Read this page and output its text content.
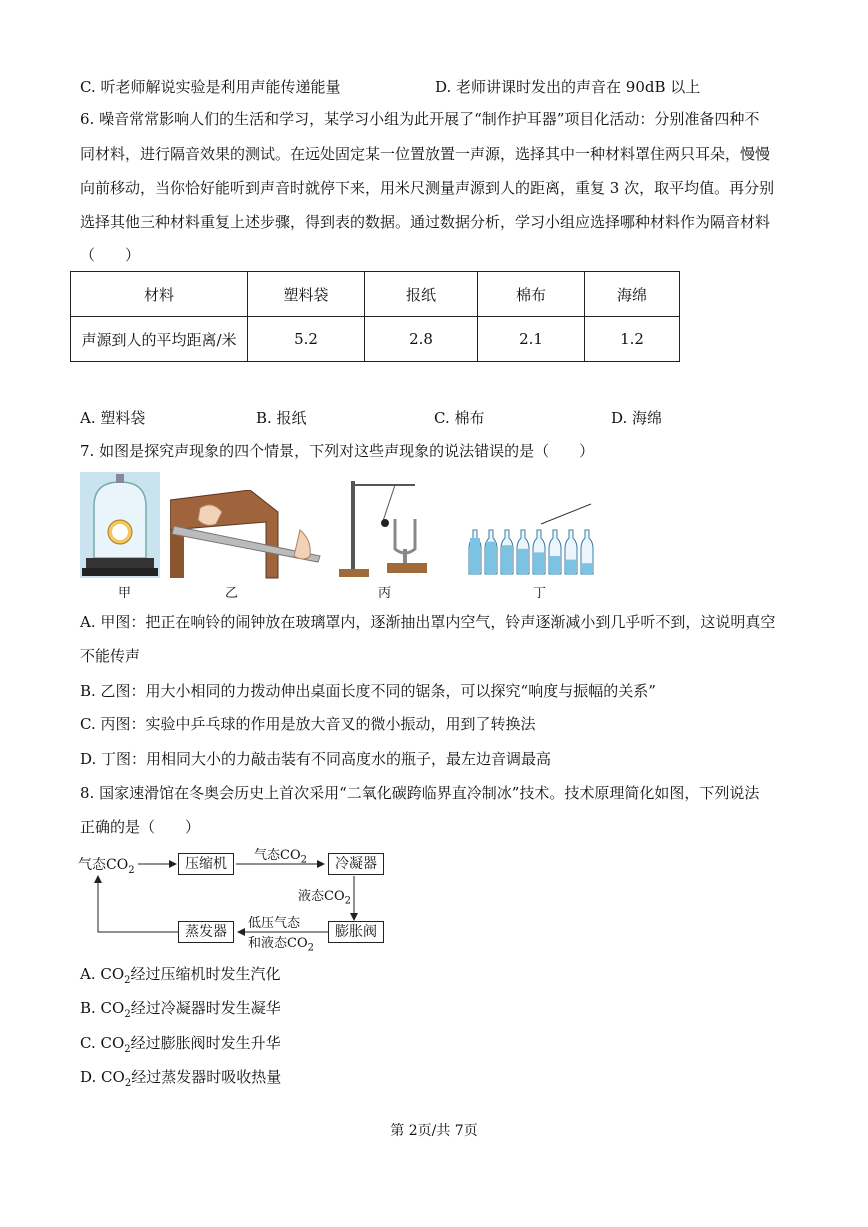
C. 听老师解说实验是利用声能传递能量	D. 老师讲课时发出的声音在 90dB 以上
6. 噪音常常影响人们的生活和学习，某学习小组为此开展了“制作护耳器”项目化活动：分别准备四种不
同材料，进行隔音效果的测试。在远处固定某一位置放置一声源，选择其中一种材料罩住两只耳朵，慢慢
向前移动，当你恰好能听到声音时就停下来，用米尺测量声源到人的距离，重复 3 次，取平均值。再分别
选择其他三种材料重复上述步骤，得到表的数据。通过数据分析，学习小组应选择哪种材料作为隔音材料
（　　）
材料	塑料袋	报纸	棉布	海绵
声源到人的平均距离/米	5.2	2.8	2.1	1.2
A. 塑料袋	B. 报纸	C. 棉布	D. 海绵
7. 如图是探究声现象的四个情景，下列对这些声现象的说法错误的是（　　）
甲	乙	丙	丁
A. 甲图：把正在响铃的闹钟放在玻璃罩内，逐渐抽出罩内空气，铃声逐渐减小到几乎听不到，这说明真空
不能传声
B. 乙图：用大小相同的力拨动伸出桌面长度不同的锯条，可以探究“响度与振幅的关系”
C. 丙图：实验中乒乓球的作用是放大音叉的微小振动，用到了转换法
D. 丁图：用相同大小的力敲击装有不同高度水的瓶子，最左边音调最高
8. 国家速滑馆在冬奥会历史上首次采用“二氧化碳跨临界直冷制冰”技术。技术原理简化如图，下列说法
正确的是（　　）
气态$CO_2$	压缩机
气态$CO_2$	冷凝器
液态$CO_2$
膨胀阀
低压气态
和液态$CO_2$
蒸发器
A. $CO_2$经过压缩机时发生汽化
B. $CO_2$经过冷凝器时发生凝华
C. $CO_2$经过膨胀阀时发生升华
D. $CO_2$经过蒸发器时吸收热量
第 2页/共 7页
